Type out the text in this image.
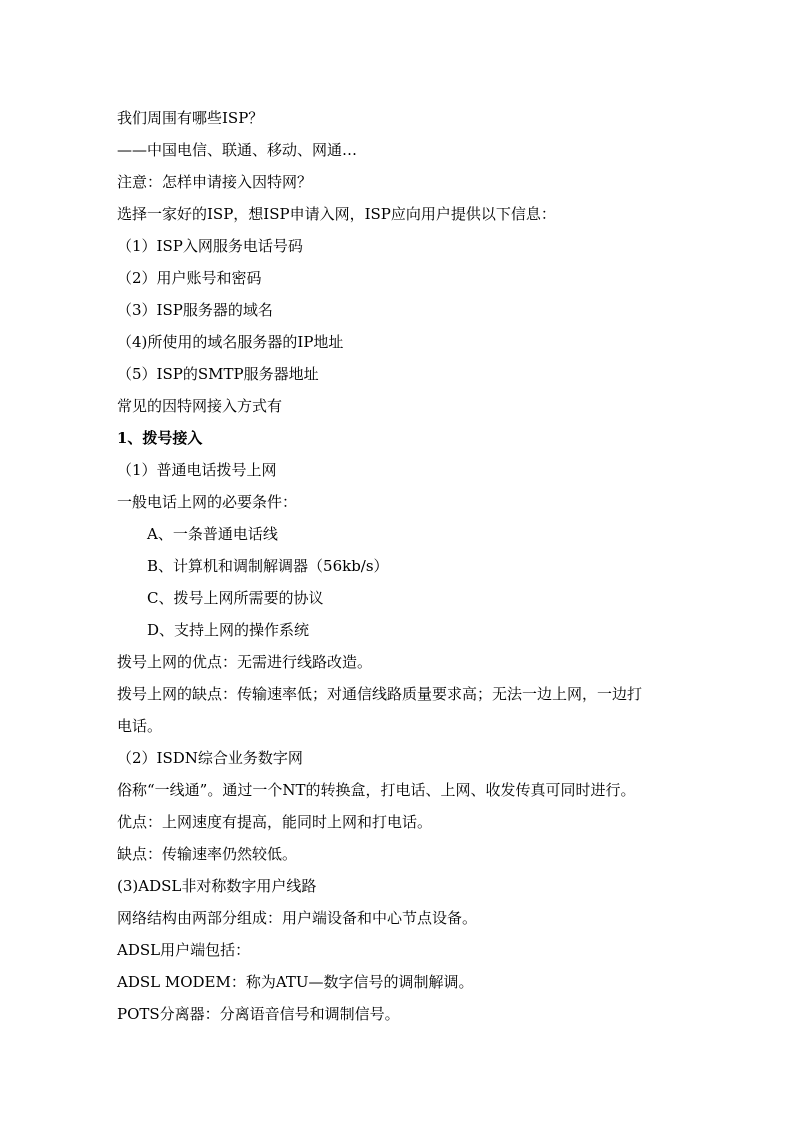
我们周围有哪些ISP？
——中国电信、联通、移动、网通…
注意：怎样申请接入因特网？
选择一家好的ISP，想ISP申请入网，ISP应向用户提供以下信息：
（1）ISP入网服务电话号码
（2）用户账号和密码
（3）ISP服务器的域名
（4)所使用的域名服务器的IP地址
（5）ISP的SMTP服务器地址
常见的因特网接入方式有
1、拨号接入
（1）普通电话拨号上网
一般电话上网的必要条件：
A、一条普通电话线
B、计算机和调制解调器（56kb/s）
C、拨号上网所需要的协议
D、支持上网的操作系统
拨号上网的优点：无需进行线路改造。
拨号上网的缺点：传输速率低；对通信线路质量要求高；无法一边上网，一边打
电话。
（2）ISDN综合业务数字网
俗称“一线通”。通过一个NT的转换盒，打电话、上网、收发传真可同时进行。
优点：上网速度有提高，能同时上网和打电话。
缺点：传输速率仍然较低。
(3)ADSL非对称数字用户线路
网络结构由两部分组成：用户端设备和中心节点设备。
ADSL用户端包括：
ADSL MODEM：称为ATU—数字信号的调制解调。
POTS分离器：分离语音信号和调制信号。
